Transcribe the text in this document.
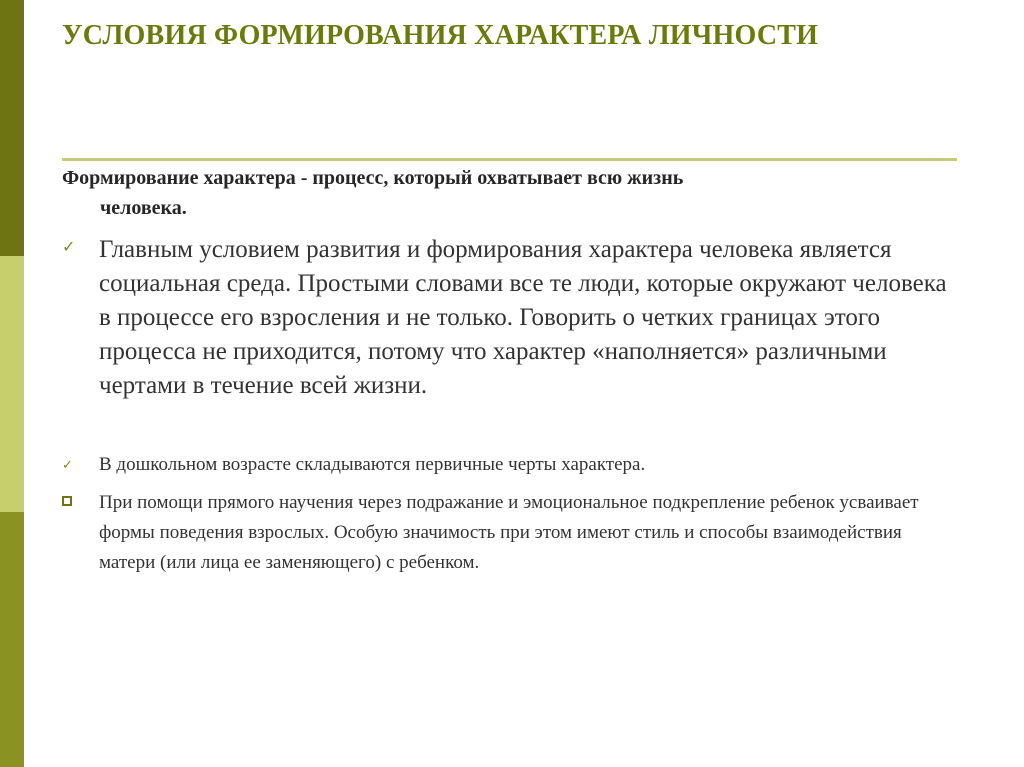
УСЛОВИЯ ФОРМИРОВАНИЯ ХАРАКТЕРА ЛИЧНОСТИ
Формирование характера - процесс, который охватывает всю жизнь
человека.
✓ Главным условием развития и формирования характера человека является социальная среда. Простыми словами все те люди, которые окружают человека в процессе его взросления и не только. Говорить о четких границах этого процесса не приходится, потому что характер «наполняется» различными чертами в течение всей жизни.
✓ В дошкольном возрасте складываются первичные черты характера.
При помощи прямого научения через подражание и эмоциональное подкрепление ребенок усваивает формы поведения взрослых. Особую значимость при этом имеют стиль и способы взаимодействия матери (или лица ее заменяющего) с ребенком.
